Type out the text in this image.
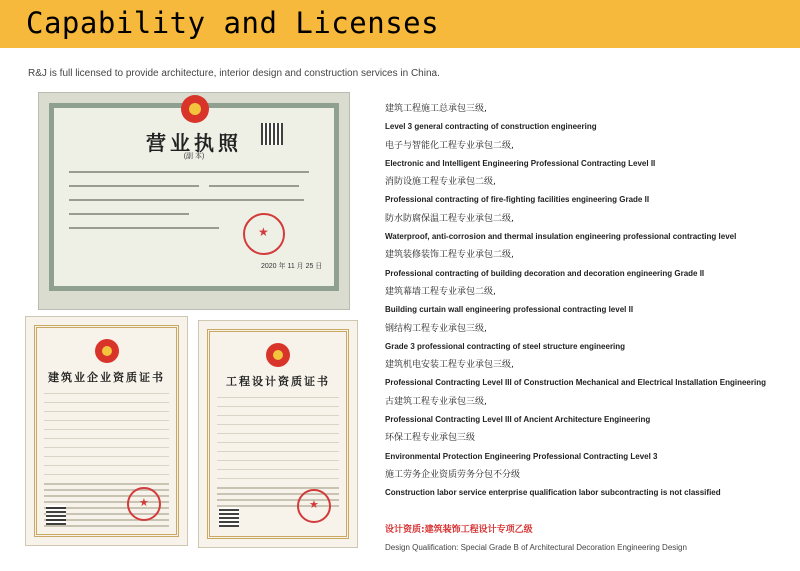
Capability and Licenses
R&J is full licensed to provide architecture, interior design and construction services in China.
营业执照
(副 本)
★
2020 年 11 月 25 日
建筑业企业资质证书
★	工程设计资质证书
★
建筑工程施工总承包三级,
Level 3 general contracting of construction engineering
电子与智能化工程专业承包二级,
Electronic and Intelligent Engineering Professional Contracting Level II
消防设施工程专业承包二级,
Professional contracting of fire-fighting facilities engineering Grade II
防水防腐保温工程专业承包二级,
Waterproof, anti-corrosion and thermal insulation engineering professional contracting level
建筑装修装饰工程专业承包二级,
Professional contracting of building decoration and decoration engineering Grade II
建筑幕墙工程专业承包二级,
Building curtain wall engineering professional contracting level II
钢结构工程专业承包三级,
Grade 3 professional contracting of steel structure engineering
建筑机电安装工程专业承包三级,
Professional Contracting Level III of Construction Mechanical and Electrical Installation Engineering
古建筑工程专业承包三级,
Professional Contracting Level III of Ancient Architecture Engineering
环保工程专业承包三级
Environmental Protection Engineering Professional Contracting Level 3
施工劳务企业资质劳务分包不分级
Construction labor service enterprise qualification labor subcontracting is not classified
设计资质:建筑装饰工程设计专项乙级
Design Qualification: Special Grade B of Architectural Decoration Engineering Design
